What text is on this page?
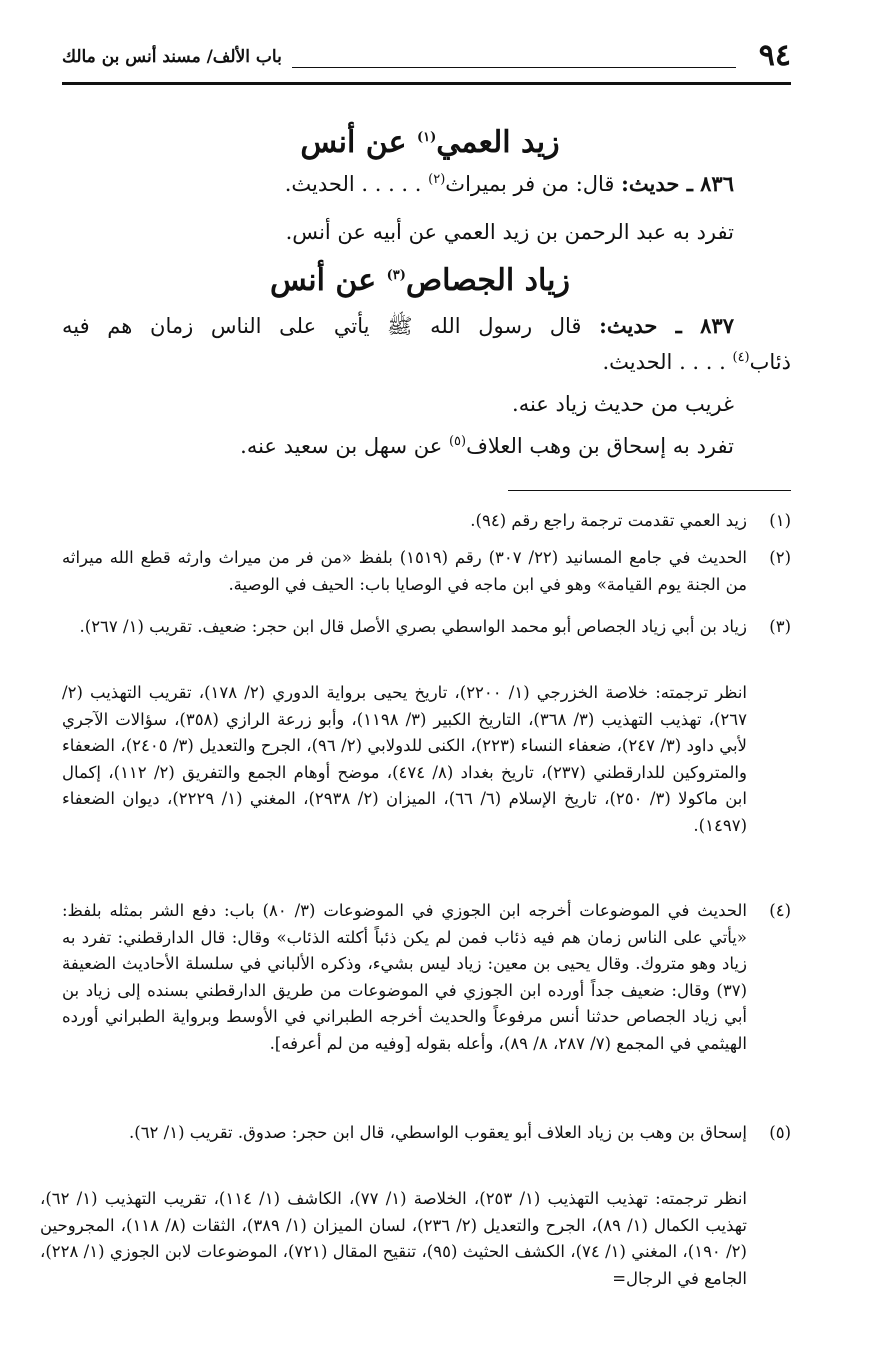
٩٤
باب الألف/ مسند أنس بن مالك
زيد العمي$^{(١)}$ عن أنس
٨٣٦ ـ حديث: قال: من فر بميراث$^{(٢)}$ . . . . . الحديث.
تفرد به عبد الرحمن بن زيد العمي عن أبيه عن أنس.
زياد الجصاص$^{(٣)}$ عن أنس
٨٣٧ ـ حديث: قال رسول الله ﷺ يأتي على الناس زمان هم فيه
ذئاب$^{(٤)}$ . . . . الحديث.
غريب من حديث زياد عنه.
تفرد به إسحاق بن وهب العلاف$^{(٥)}$ عن سهل بن سعيد عنه.
(١)
زيد العمي تقدمت ترجمة راجع رقم (٩٤).
(٢)
الحديث في جامع المسانيد (٢٢/ ٣٠٧) رقم (١٥١٩) بلفظ «من فر من ميراث وارثه قطع الله ميراثه من الجنة يوم القيامة» وهو في ابن ماجه في الوصايا باب: الحيف في الوصية.
(٣)
زياد بن أبي زياد الجصاص أبو محمد الواسطي بصري الأصل قال ابن حجر: ضعيف. تقريب (١/ ٢٦٧).
انظر ترجمته: خلاصة الخزرجي (١/ ٢٢٠٠)، تاريخ يحيى برواية الدوري (٢/ ١٧٨)، تقريب التهذيب (٢/ ٢٦٧)، تهذيب التهذيب (٣/ ٣٦٨)، التاريخ الكبير (٣/ ١١٩٨)، وأبو زرعة الرازي (٣٥٨)، سؤالات الآجري لأبي داود (٣/ ٢٤٧)، ضعفاء النساء (٢٢٣)، الكنى للدولابي (٢/ ٩٦)، الجرح والتعديل (٣/ ٢٤٠٥)، الضعفاء والمتروكين للدارقطني (٢٣٧)، تاريخ بغداد (٨/ ٤٧٤)، موضح أوهام الجمع والتفريق (٢/ ١١٢)، إكمال ابن ماكولا (٣/ ٢٥٠)، تاريخ الإسلام (٦/ ٦٦)، الميزان (٢/ ٢٩٣٨)، المغني (١/ ٢٢٢٩)، ديوان الضعفاء (١٤٩٧).
(٤)
الحديث في الموضوعات أخرجه ابن الجوزي في الموضوعات (٣/ ٨٠) باب: دفع الشر بمثله بلفظ: «يأتي على الناس زمان هم فيه ذئاب فمن لم يكن ذئباً أكلته الذئاب» وقال: قال الدارقطني: تفرد به زياد وهو متروك. وقال يحيى بن معين: زياد ليس بشيء، وذكره الألباني في سلسلة الأحاديث الضعيفة (٣٧) وقال: ضعيف جداً أورده ابن الجوزي في الموضوعات من طريق الدارقطني بسنده إلى زياد بن أبي زياد الجصاص حدثنا أنس مرفوعاً والحديث أخرجه الطبراني في الأوسط وبرواية الطبراني أورده الهيثمي في المجمع (٧/ ٢٨٧، ٨/ ٨٩)، وأعله بقوله [وفيه من لم أعرفه].
(٥)
إسحاق بن وهب بن زياد العلاف أبو يعقوب الواسطي، قال ابن حجر: صدوق. تقريب (١/ ٦٢).
انظر ترجمته: تهذيب التهذيب (١/ ٢٥٣)، الخلاصة (١/ ٧٧)، الكاشف (١/ ١١٤)، تقريب التهذيب (١/ ٦٢)، تهذيب الكمال (١/ ٨٩)، الجرح والتعديل (٢/ ٢٣٦)، لسان الميزان (١/ ٣٨٩)، الثقات (٨/ ١١٨)، المجروحين (٢/ ١٩٠)، المغني (١/ ٧٤)، الكشف الحثيث (٩٥)، تنقيح المقال (٧٢١)، الموضوعات لابن الجوزي (١/ ٢٢٨)، الجامع في الرجال=
